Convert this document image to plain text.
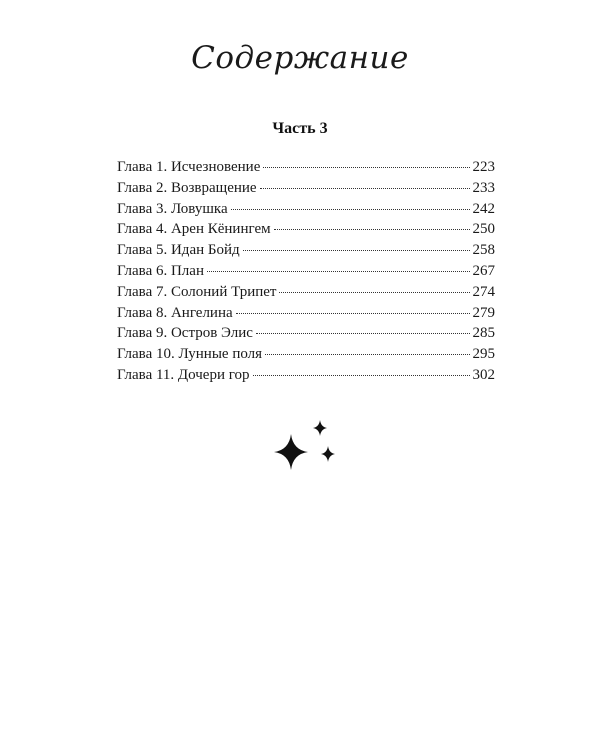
Содержание
Часть 3
Глава 1. Исчезновение	223
Глава 2. Возвращение	233
Глава 3. Ловушка	242
Глава 4. Арен Кёнингем	250
Глава 5. Идан Бойд	258
Глава 6. План	267
Глава 7. Солоний Трипет	274
Глава 8. Ангелина	279
Глава 9. Остров Элис	285
Глава 10. Лунные поля	295
Глава 11. Дочери гор	302
